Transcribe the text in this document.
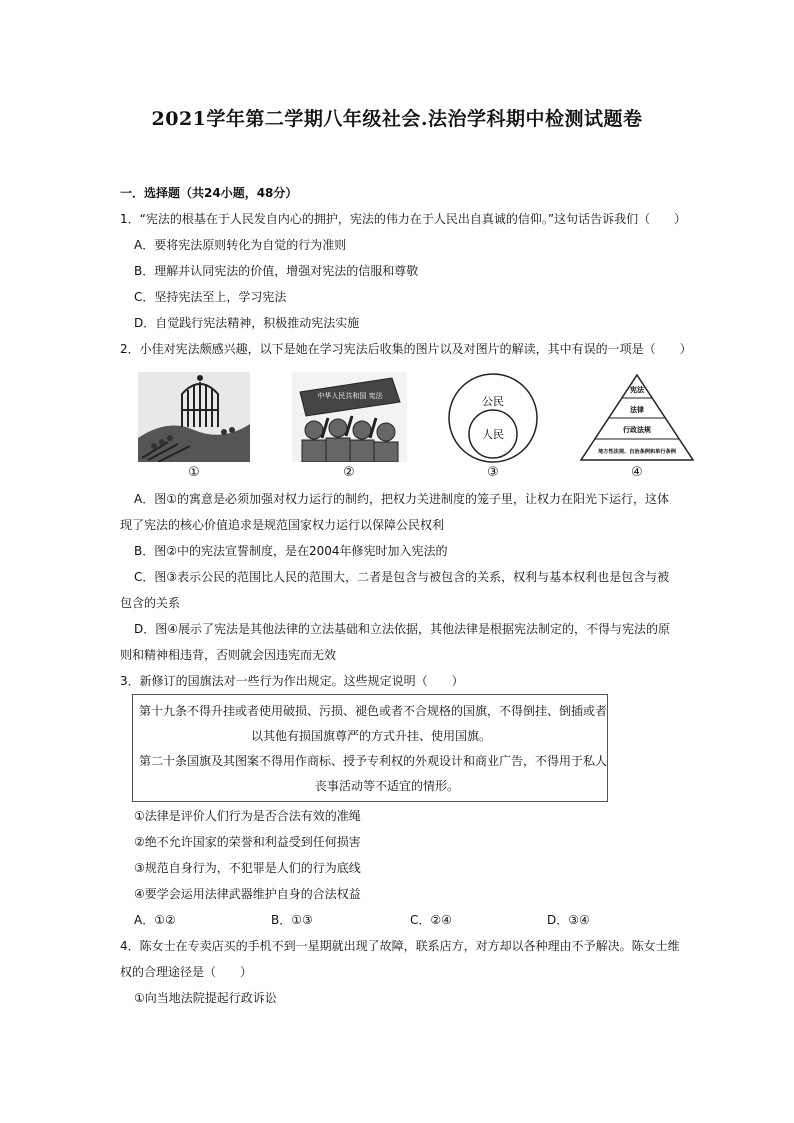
2021学年第二学期八年级社会.法治学科期中检测试题卷
一．选择题（共24小题，48分）
1．“宪法的根基在于人民发自内心的拥护，宪法的伟力在于人民出自真诚的信仰。”这句话告诉我们（　　）
A．要将宪法原则转化为自觉的行为准则
B．理解并认同宪法的价值，增强对宪法的信服和尊敬
C．坚持宪法至上，学习宪法
D．自觉践行宪法精神，积极推动宪法实施
2．小佳对宪法颇感兴趣，以下是她在学习宪法后收集的图片以及对图片的解读，其中有误的一项是（　　）
①
中华人民共和国 宪法
②
公民
人民
③
宪法
法律
行政法规
地方性法规、自治条例和单行条例
④
A．图①的寓意是必须加强对权力运行的制约，把权力关进制度的笼子里，让权力在阳光下运行，这体
现了宪法的核心价值追求是规范国家权力运行以保障公民权利
B．图②中的宪法宣誓制度，是在2004年修宪时加入宪法的
C．图③表示公民的范围比人民的范围大，二者是包含与被包含的关系，权利与基本权利也是包含与被
包含的关系
D．图④展示了宪法是其他法律的立法基础和立法依据，其他法律是根据宪法制定的，不得与宪法的原
则和精神相违背，否则就会因违宪而无效
3．新修订的国旗法对一些行为作出规定。这些规定说明（　　）
第十九条不得升挂或者使用破损、污损、褪色或者不合规格的国旗，不得倒挂、倒插或者
以其他有损国旗尊严的方式升挂、使用国旗。
第二十条国旗及其图案不得用作商标、授予专利权的外观设计和商业广告，不得用于私人
丧事活动等不适宜的情形。
①法律是评价人们行为是否合法有效的准绳
②绝不允许国家的荣誉和利益受到任何损害
③规范自身行为，不犯罪是人们的行为底线
④要学会运用法律武器维护自身的合法权益
A．①②	B．①③	C．②④	D．③④
4．陈女士在专卖店买的手机不到一星期就出现了故障，联系店方，对方却以各种理由不予解决。陈女士维
权的合理途径是（　　）
①向当地法院提起行政诉讼
